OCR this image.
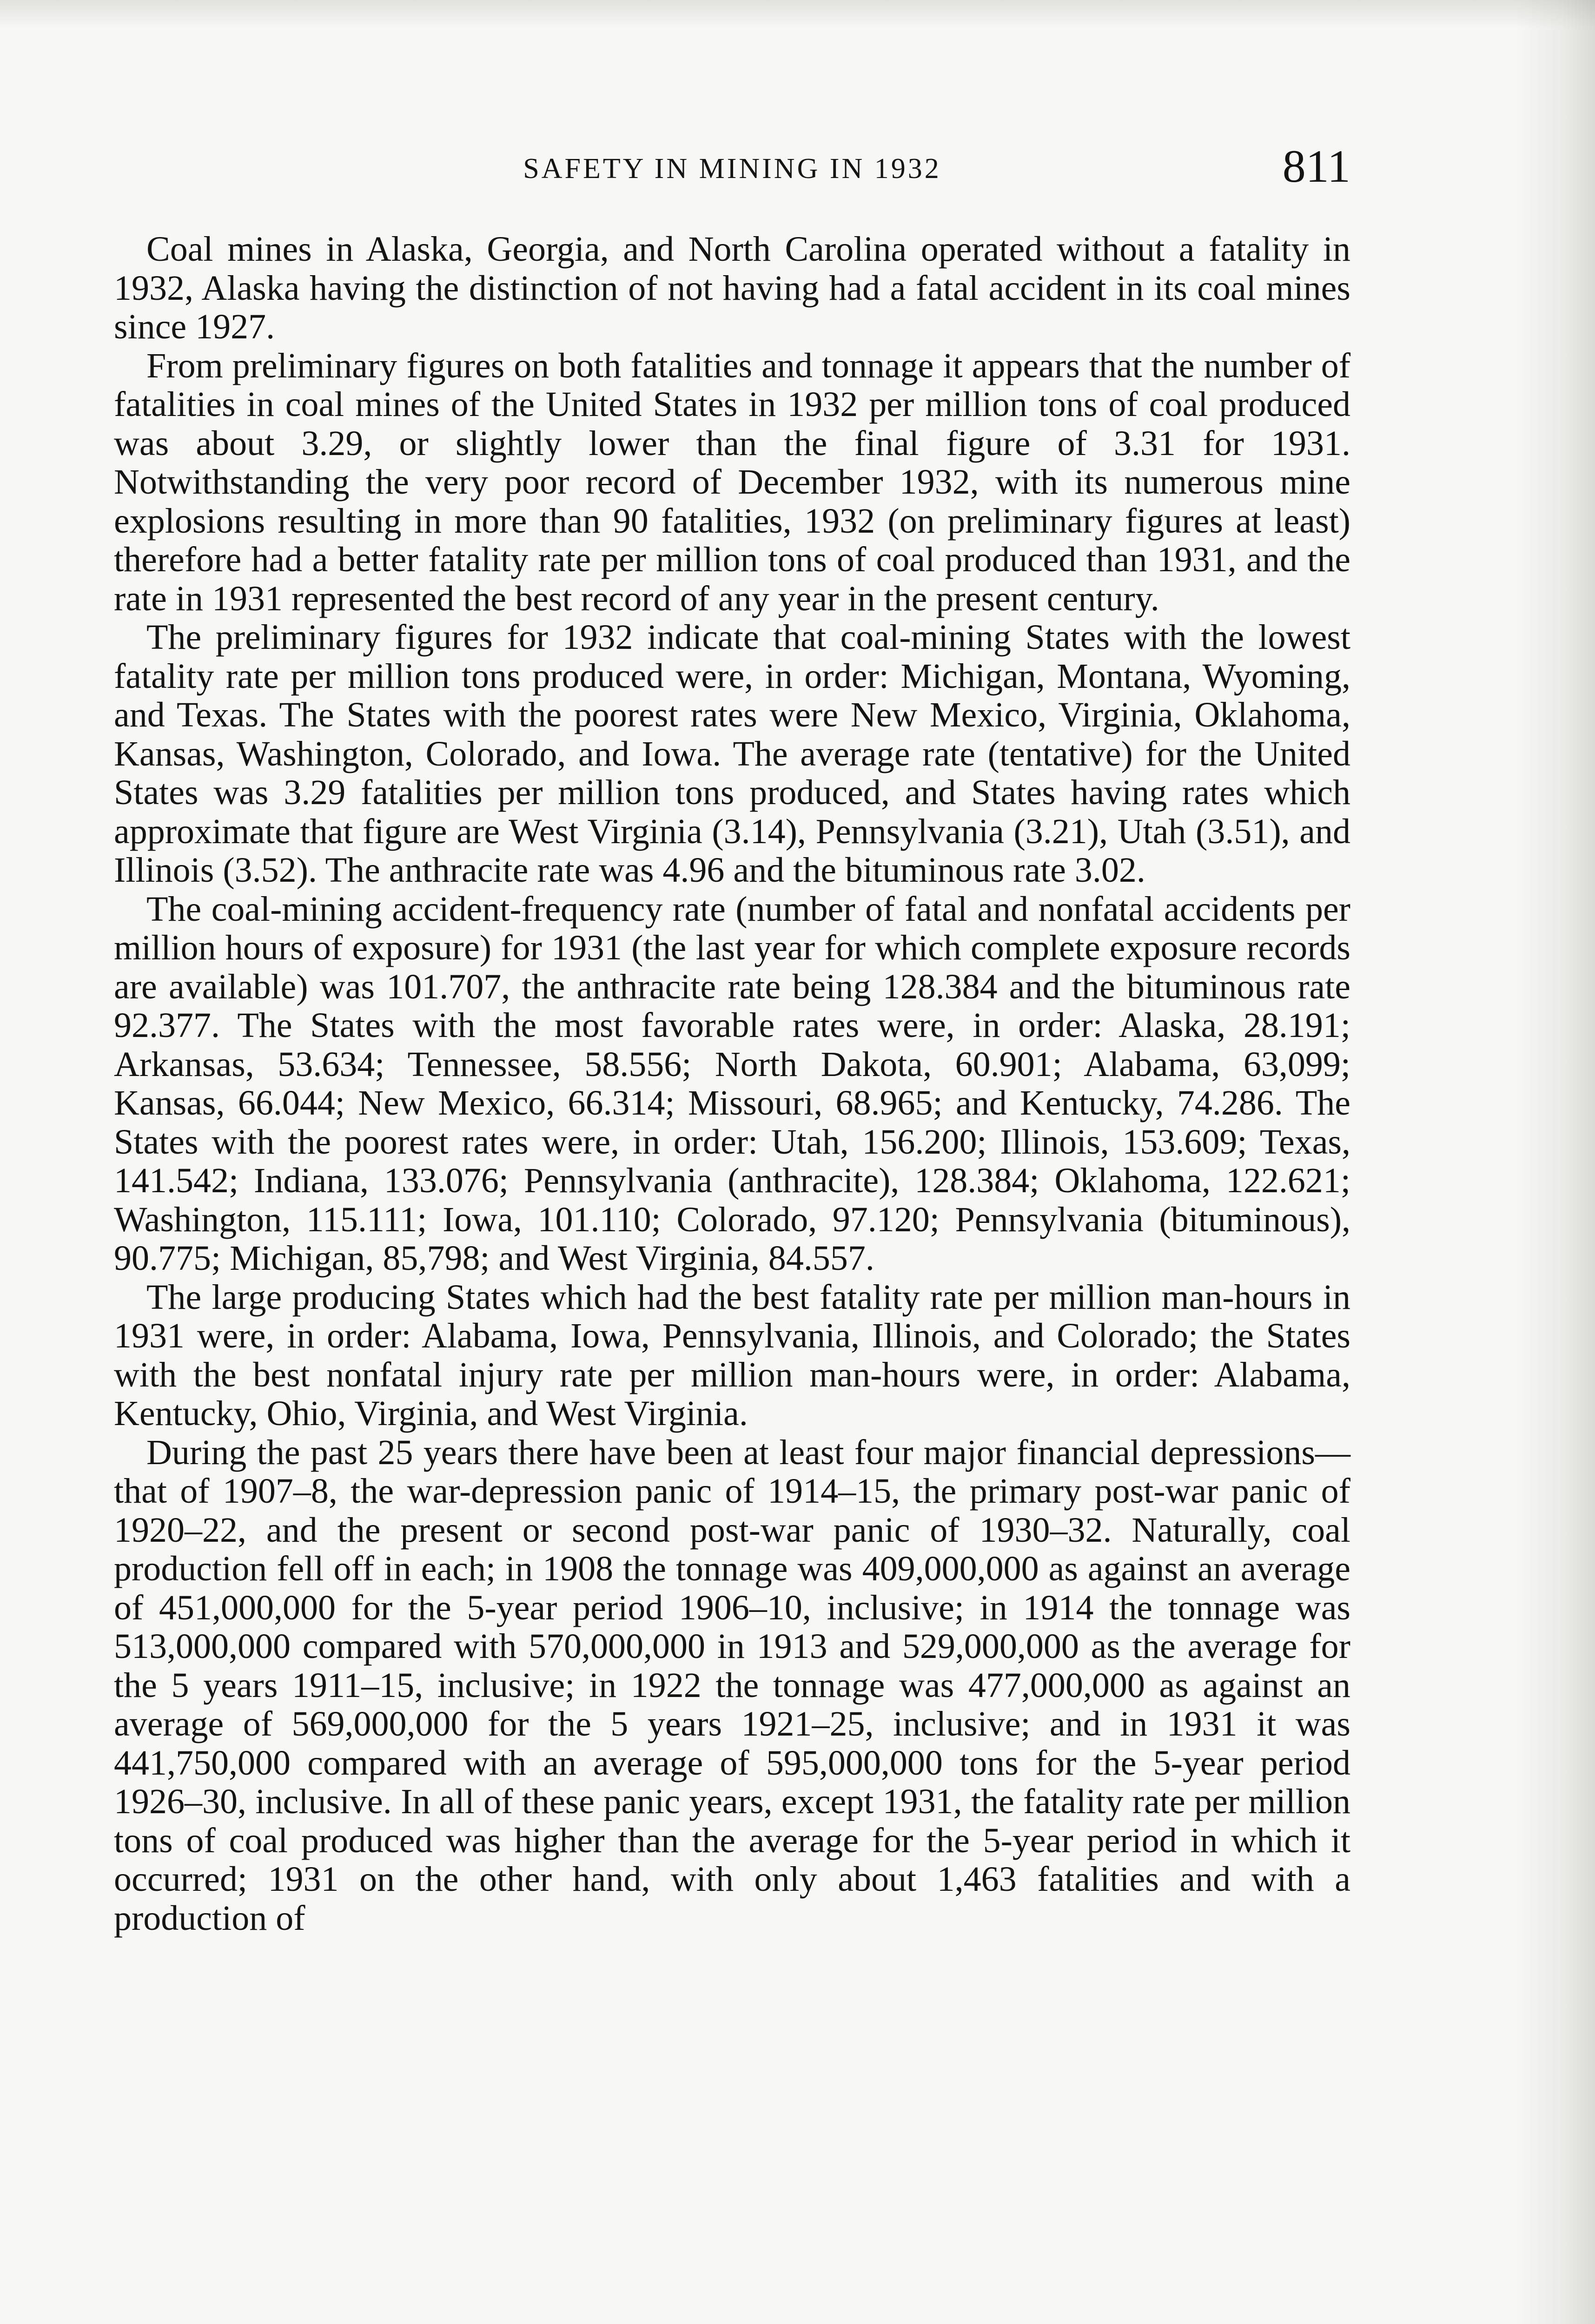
SAFETY IN MINING IN 1932	811

Coal mines in Alaska, Georgia, and North Carolina operated without a fatality in 1932, Alaska having the distinction of not having had a fatal accident in its coal mines since 1927.

From preliminary figures on both fatalities and tonnage it appears that the number of fatalities in coal mines of the United States in 1932 per million tons of coal produced was about 3.29, or slightly lower than the final figure of 3.31 for 1931. Notwithstanding the very poor record of December 1932, with its numerous mine explosions resulting in more than 90 fatalities, 1932 (on preliminary figures at least) therefore had a better fatality rate per million tons of coal produced than 1931, and the rate in 1931 represented the best record of any year in the present century.

The preliminary figures for 1932 indicate that coal-mining States with the lowest fatality rate per million tons produced were, in order: Michigan, Montana, Wyoming, and Texas. The States with the poorest rates were New Mexico, Virginia, Oklahoma, Kansas, Washington, Colorado, and Iowa. The average rate (tentative) for the United States was 3.29 fatalities per million tons produced, and States having rates which approximate that figure are West Virginia (3.14), Pennsylvania (3.21), Utah (3.51), and Illinois (3.52). The anthracite rate was 4.96 and the bituminous rate 3.02.

The coal-mining accident-frequency rate (number of fatal and nonfatal accidents per million hours of exposure) for 1931 (the last year for which complete exposure records are available) was 101.707, the anthracite rate being 128.384 and the bituminous rate 92.377. The States with the most favorable rates were, in order: Alaska, 28.191; Arkansas, 53.634; Tennessee, 58.556; North Dakota, 60.901; Alabama, 63,099; Kansas, 66.044; New Mexico, 66.314; Missouri, 68.965; and Kentucky, 74.286. The States with the poorest rates were, in order: Utah, 156.200; Illinois, 153.609; Texas, 141.542; Indiana, 133.076; Pennsylvania (anthracite), 128.384; Oklahoma, 122.621; Washington, 115.111; Iowa, 101.110; Colorado, 97.120; Pennsylvania (bituminous), 90.775; Michigan, 85,798; and West Virginia, 84.557.

The large producing States which had the best fatality rate per million man-hours in 1931 were, in order: Alabama, Iowa, Pennsylvania, Illinois, and Colorado; the States with the best nonfatal injury rate per million man-hours were, in order: Alabama, Kentucky, Ohio, Virginia, and West Virginia.

During the past 25 years there have been at least four major financial depressions—that of 1907–8, the war-depression panic of 1914–15, the primary post-war panic of 1920–22, and the present or second post-war panic of 1930–32. Naturally, coal production fell off in each; in 1908 the tonnage was 409,000,000 as against an average of 451,000,000 for the 5-year period 1906–10, inclusive; in 1914 the tonnage was 513,000,000 compared with 570,000,000 in 1913 and 529,000,000 as the average for the 5 years 1911–15, inclusive; in 1922 the tonnage was 477,000,000 as against an average of 569,000,000 for the 5 years 1921–25, inclusive; and in 1931 it was 441,750,000 compared with an average of 595,000,000 tons for the 5-year period 1926–30, inclusive. In all of these panic years, except 1931, the fatality rate per million tons of coal produced was higher than the average for the 5-year period in which it occurred; 1931 on the other hand, with only about 1,463 fatalities and with a production of
